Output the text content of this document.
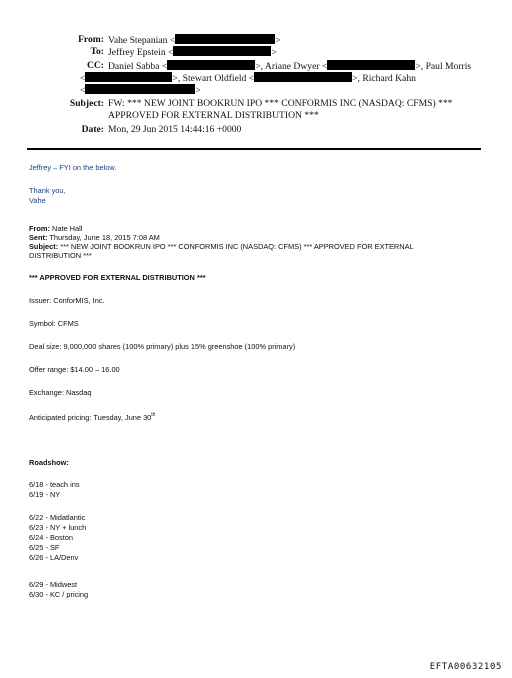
From: Vahe Stepanian <	>
To: Jeffrey Epstein <	>
CC: Daniel Sabba <	>, Ariane Dwyer <	>, Paul Morris
<	>, Stewart Oldfield <	>, Richard Kahn
<	>
Subject: FW: *** NEW JOINT BOOKRUN IPO *** CONFORMIS INC (NASDAQ: CFMS) ***
APPROVED FOR EXTERNAL DISTRIBUTION ***
Date: Mon, 29 Jun 2015 14:44:16 +0000
Jeffrey – FYI on the below.
Thank you,
Vahe
From: Nate Hall
Sent: Thursday, June 18, 2015 7:08 AM
Subject: *** NEW JOINT BOOKRUN IPO *** CONFORMIS INC (NASDAQ: CFMS) *** APPROVED FOR EXTERNAL
DISTRIBUTION ***
*** APPROVED FOR EXTERNAL DISTRIBUTION ***
Issuer: ConforMIS, Inc.
Symbol: CFMS
Deal size: 9,000,000 shares (100% primary) plus 15% greenshoe (100% primary)
Offer range: $14.00 – 16.00
Exchange: Nasdaq
Anticipated pricing: Tuesday, June 30th
Roadshow:
6/18 - teach ins
6/19 - NY
6/22 - Midatlantic
6/23 - NY + lunch
6/24 - Boston
6/25 - SF
6/26 - LA/Denv
6/29 - Midwest
6/30 - KC / pricing
EFTA00632105
